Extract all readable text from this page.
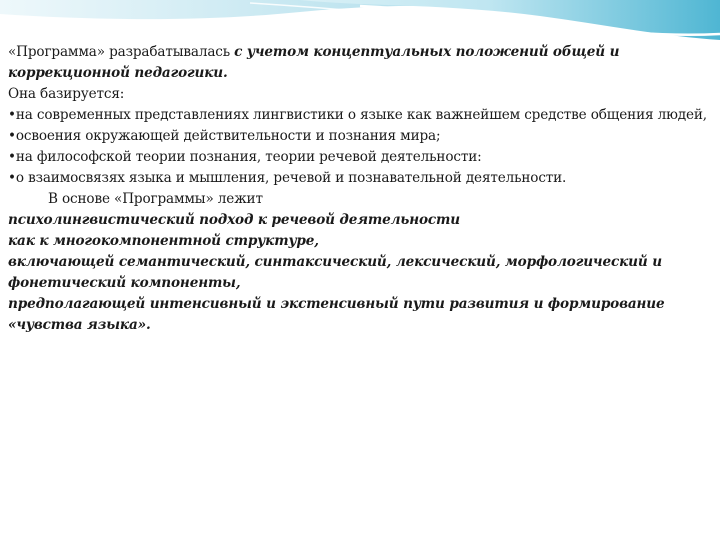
«Программа» разрабатывалась с учетом концептуальных положений общей и коррекционной педагогики.

Она базируется:

•на современных представлениях лингвистики о языке как важнейшем средстве общения людей,

•освоения окружающей действительности и познания мира;

•на философской теории познания, теории речевой деятельности:

•о взаимосвязях языка и мышления, речевой и познавательной деятельности.

В основе «Программы» лежит

психолингвистический подход к речевой деятельности

как к многокомпонентной структуре,

включающей семантический, синтаксический, лексический, морфологический и фонетический компоненты,

предполагающей интенсивный и экстенсивный пути развития и формирование «чувства языка».
